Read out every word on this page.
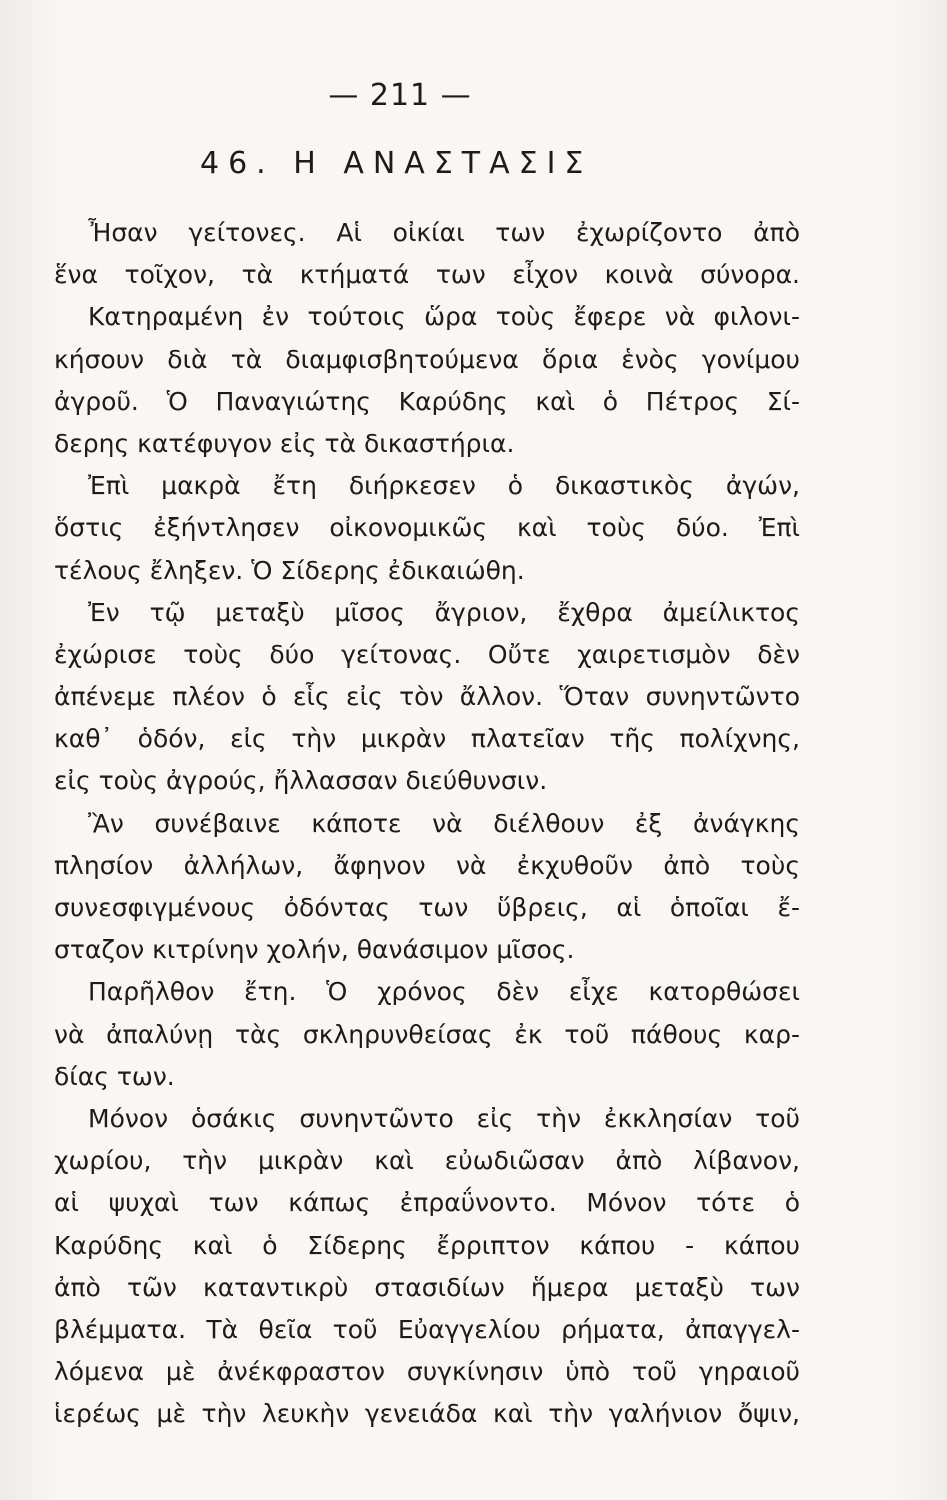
— 211 —
46. Η ΑΝΑΣΤΑΣΙΣ
Ἦσαν γείτονες. Αἱ οἰκίαι των ἐχωρίζοντο ἀπὸ
ἕνα τοῖχον, τὰ κτήματά των εἶχον κοινὰ σύνορα.
Κατηραμένη ἐν τούτοις ὥρα τοὺς ἔφερε νὰ φιλονι-
κήσουν διὰ τὰ διαμφισβητούμενα ὅρια ἑνὸς γονίμου
ἀγροῦ. Ὁ Παναγιώτης Καρύδης καὶ ὁ Πέτρος Σί-
δερης κατέφυγον εἰς τὰ δικαστήρια.
Ἐπὶ μακρὰ ἔτη διήρκεσεν ὁ δικαστικὸς ἀγών,
ὅστις ἐξήντλησεν οἰκονομικῶς καὶ τοὺς δύο. Ἐπὶ
τέλους ἔληξεν. Ὁ Σίδερης ἐδικαιώθη.
Ἐν τῷ μεταξὺ μῖσος ἄγριον, ἔχθρα ἀμείλικτος
ἐχώρισε τοὺς δύο γείτονας. Οὔτε χαιρετισμὸν δὲν
ἀπένεμε πλέον ὁ εἷς εἰς τὸν ἄλλον. Ὅταν συνηντῶντο
καθ᾽ ὁδόν, εἰς τὴν μικρὰν πλατεῖαν τῆς πολίχνης,
εἰς τοὺς ἀγρούς, ἤλλασσαν διεύθυνσιν.
Ἂν συνέβαινε κάποτε νὰ διέλθουν ἐξ ἀνάγκης
πλησίον ἀλλήλων, ἄφηνον νὰ ἐκχυθοῦν ἀπὸ τοὺς
συνεσφιγμένους ὀδόντας των ὕβρεις, αἱ ὁποῖαι ἔ-
σταζον κιτρίνην χολήν, θανάσιμον μῖσος.
Παρῆλθον ἔτη. Ὁ χρόνος δὲν εἶχε κατορθώσει
νὰ ἀπαλύνῃ τὰς σκληρυνθείσας ἐκ τοῦ πάθους καρ-
δίας των.
Μόνον ὁσάκις συνηντῶντο εἰς τὴν ἐκκλησίαν τοῦ
χωρίου, τὴν μικρὰν καὶ εὐωδιῶσαν ἀπὸ λίβανον,
αἱ ψυχαὶ των κάπως ἐπραΰνοντο. Μόνον τότε ὁ
Καρύδης καὶ ὁ Σίδερης ἔρριπτον κάπου - κάπου
ἀπὸ τῶν καταντικρὺ στασιδίων ἥμερα μεταξὺ των
βλέμματα. Τὰ θεῖα τοῦ Εὐαγγελίου ρήματα, ἀπαγγελ-
λόμενα μὲ ἀνέκφραστον συγκίνησιν ὑπὸ τοῦ γηραιοῦ
ἱερέως μὲ τὴν λευκὴν γενειάδα καὶ τὴν γαλήνιον ὄψιν,
